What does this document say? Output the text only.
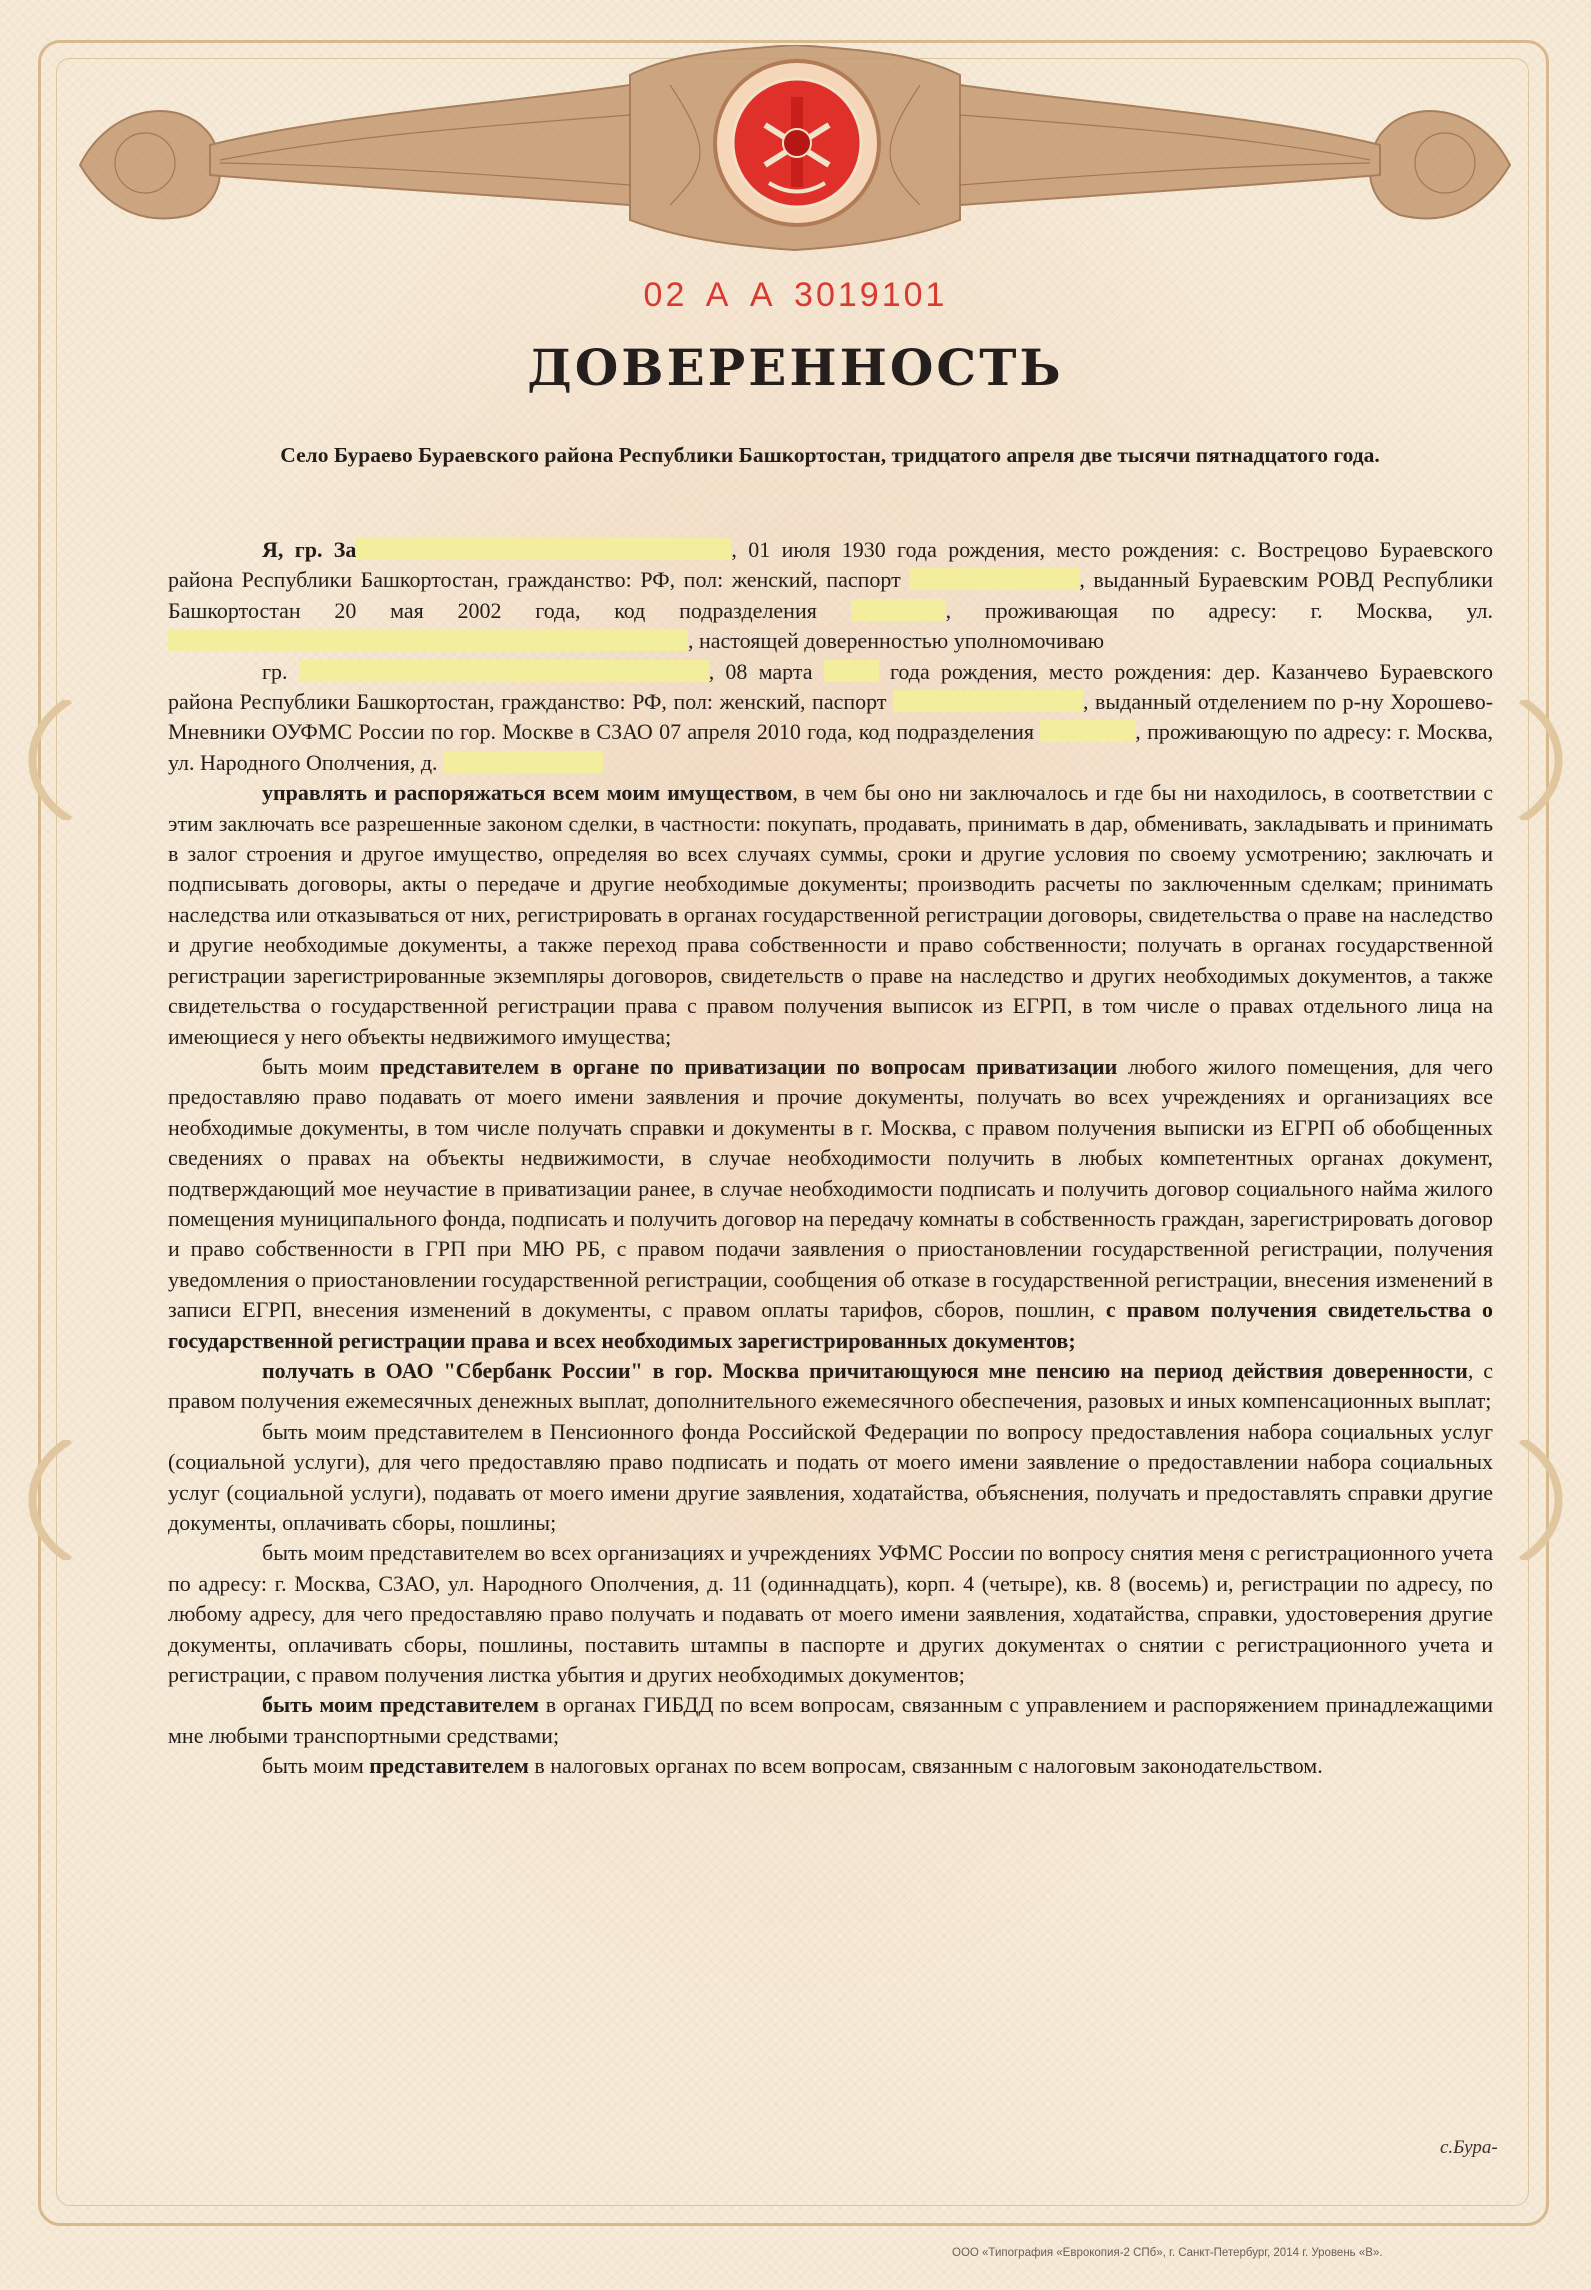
02 А А 3019101
ДОВЕРЕННОСТЬ
Село Бураево Бураевского района Республики Башкортостан, тридцатого апреля две тысячи пятнадцатого года.

Я, гр. За	, 01 июля 1930 года рождения, место рождения: с. Вострецово Бураевского района Республики Башкортостан, гражданство: РФ, пол: женский, паспорт	, выданный Бураевским РОВД Республики Башкортостан 20 мая 2002 года, код подразделения	, проживающая по адресу: г. Москва, ул. , настоящей доверенностью уполномочиваю

гр.	, 08 марта	года рождения, место рождения: дер. Казанчево Бураевского района Республики Башкортостан, гражданство: РФ, пол: женский, паспорт	, выданный отделением по р-ну Хорошево- Мневники ОУФМС России по гор. Москве в СЗАО 07 апреля 2010 года, код подразделения	, проживающую по адресу: г. Москва, ул. Народного Ополчения, д.

управлять и распоряжаться всем моим имуществом, в чем бы оно ни заключалось и где бы ни находилось, в соответствии с этим заключать все разрешенные законом сделки, в частности: покупать, продавать, принимать в дар, обменивать, закладывать и принимать в залог строения и другое имущество, определяя во всех случаях суммы, сроки и другие условия по своему усмотрению; заключать и подписывать договоры, акты о передаче и другие необходимые документы; производить расчеты по заключенным сделкам; принимать наследства или отказываться от них, регистрировать в органах государственной регистрации договоры, свидетельства о праве на наследство и другие необходимые документы, а также переход права собственности и право собственности; получать в органах государственной регистрации зарегистрированные экземпляры договоров, свидетельств о праве на наследство и других необходимых документов, а также свидетельства о государственной регистрации права с правом получения выписок из ЕГРП, в том числе о правах отдельного лица на имеющиеся у него объекты недвижимого имущества;

быть моим представителем в органе по приватизации по вопросам приватизации любого жилого помещения, для чего предоставляю право подавать от моего имени заявления и прочие документы, получать во всех учреждениях и организациях все необходимые документы, в том числе получать справки и документы в г. Москва, с правом получения выписки из ЕГРП об обобщенных сведениях о правах на объекты недвижимости, в случае необходимости получить в любых компетентных органах документ, подтверждающий мое неучастие в приватизации ранее, в случае необходимости подписать и получить договор социального найма жилого помещения муниципального фонда, подписать и получить договор на передачу комнаты в собственность граждан, зарегистрировать договор и право собственности в ГРП при МЮ РБ, с правом подачи заявления о приостановлении государственной регистрации, получения уведомления о приостановлении государственной регистрации, сообщения об отказе в государственной регистрации, внесения изменений в записи ЕГРП, внесения изменений в документы, с правом оплаты тарифов, сборов, пошлин, с правом получения свидетельства о государственной регистрации права и всех необходимых зарегистрированных документов;

получать в ОАО "Сбербанк России" в гор. Москва причитающуюся мне пенсию на период действия доверенности, с правом получения ежемесячных денежных выплат, дополнительного ежемесячного обеспечения, разовых и иных компенсационных выплат;

быть моим представителем в Пенсионного фонда Российской Федерации по вопросу предоставления набора социальных услуг (социальной услуги), для чего предоставляю право подписать и подать от моего имени заявление о предоставлении набора социальных услуг (социальной услуги), подавать от моего имени другие заявления, ходатайства, объяснения, получать и предоставлять справки другие документы, оплачивать сборы, пошлины;

быть моим представителем во всех организациях и учреждениях УФМС России по вопросу снятия меня с регистрационного учета по адресу: г. Москва, СЗАО, ул. Народного Ополчения, д. 11 (одиннадцать), корп. 4 (четыре), кв. 8 (восемь) и, регистрации по адресу, по любому адресу, для чего предоставляю право получать и подавать от моего имени заявления, ходатайства, справки, удостоверения другие документы, оплачивать сборы, пошлины, поставить штампы в паспорте и других документах о снятии с регистрационного учета и регистрации, с правом получения листка убытия и других необходимых документов;

быть моим представителем в органах ГИБДД по всем вопросам, связанным с управлением и распоряжением принадлежащими мне любыми транспортными средствами;

быть моим представителем в налоговых органах по всем вопросам, связанным с налоговым законодательством.

с.Бура-
ООО «Типография «Еврокопия-2 СПб», г. Санкт-Петербург, 2014 г. Уровень «В».
